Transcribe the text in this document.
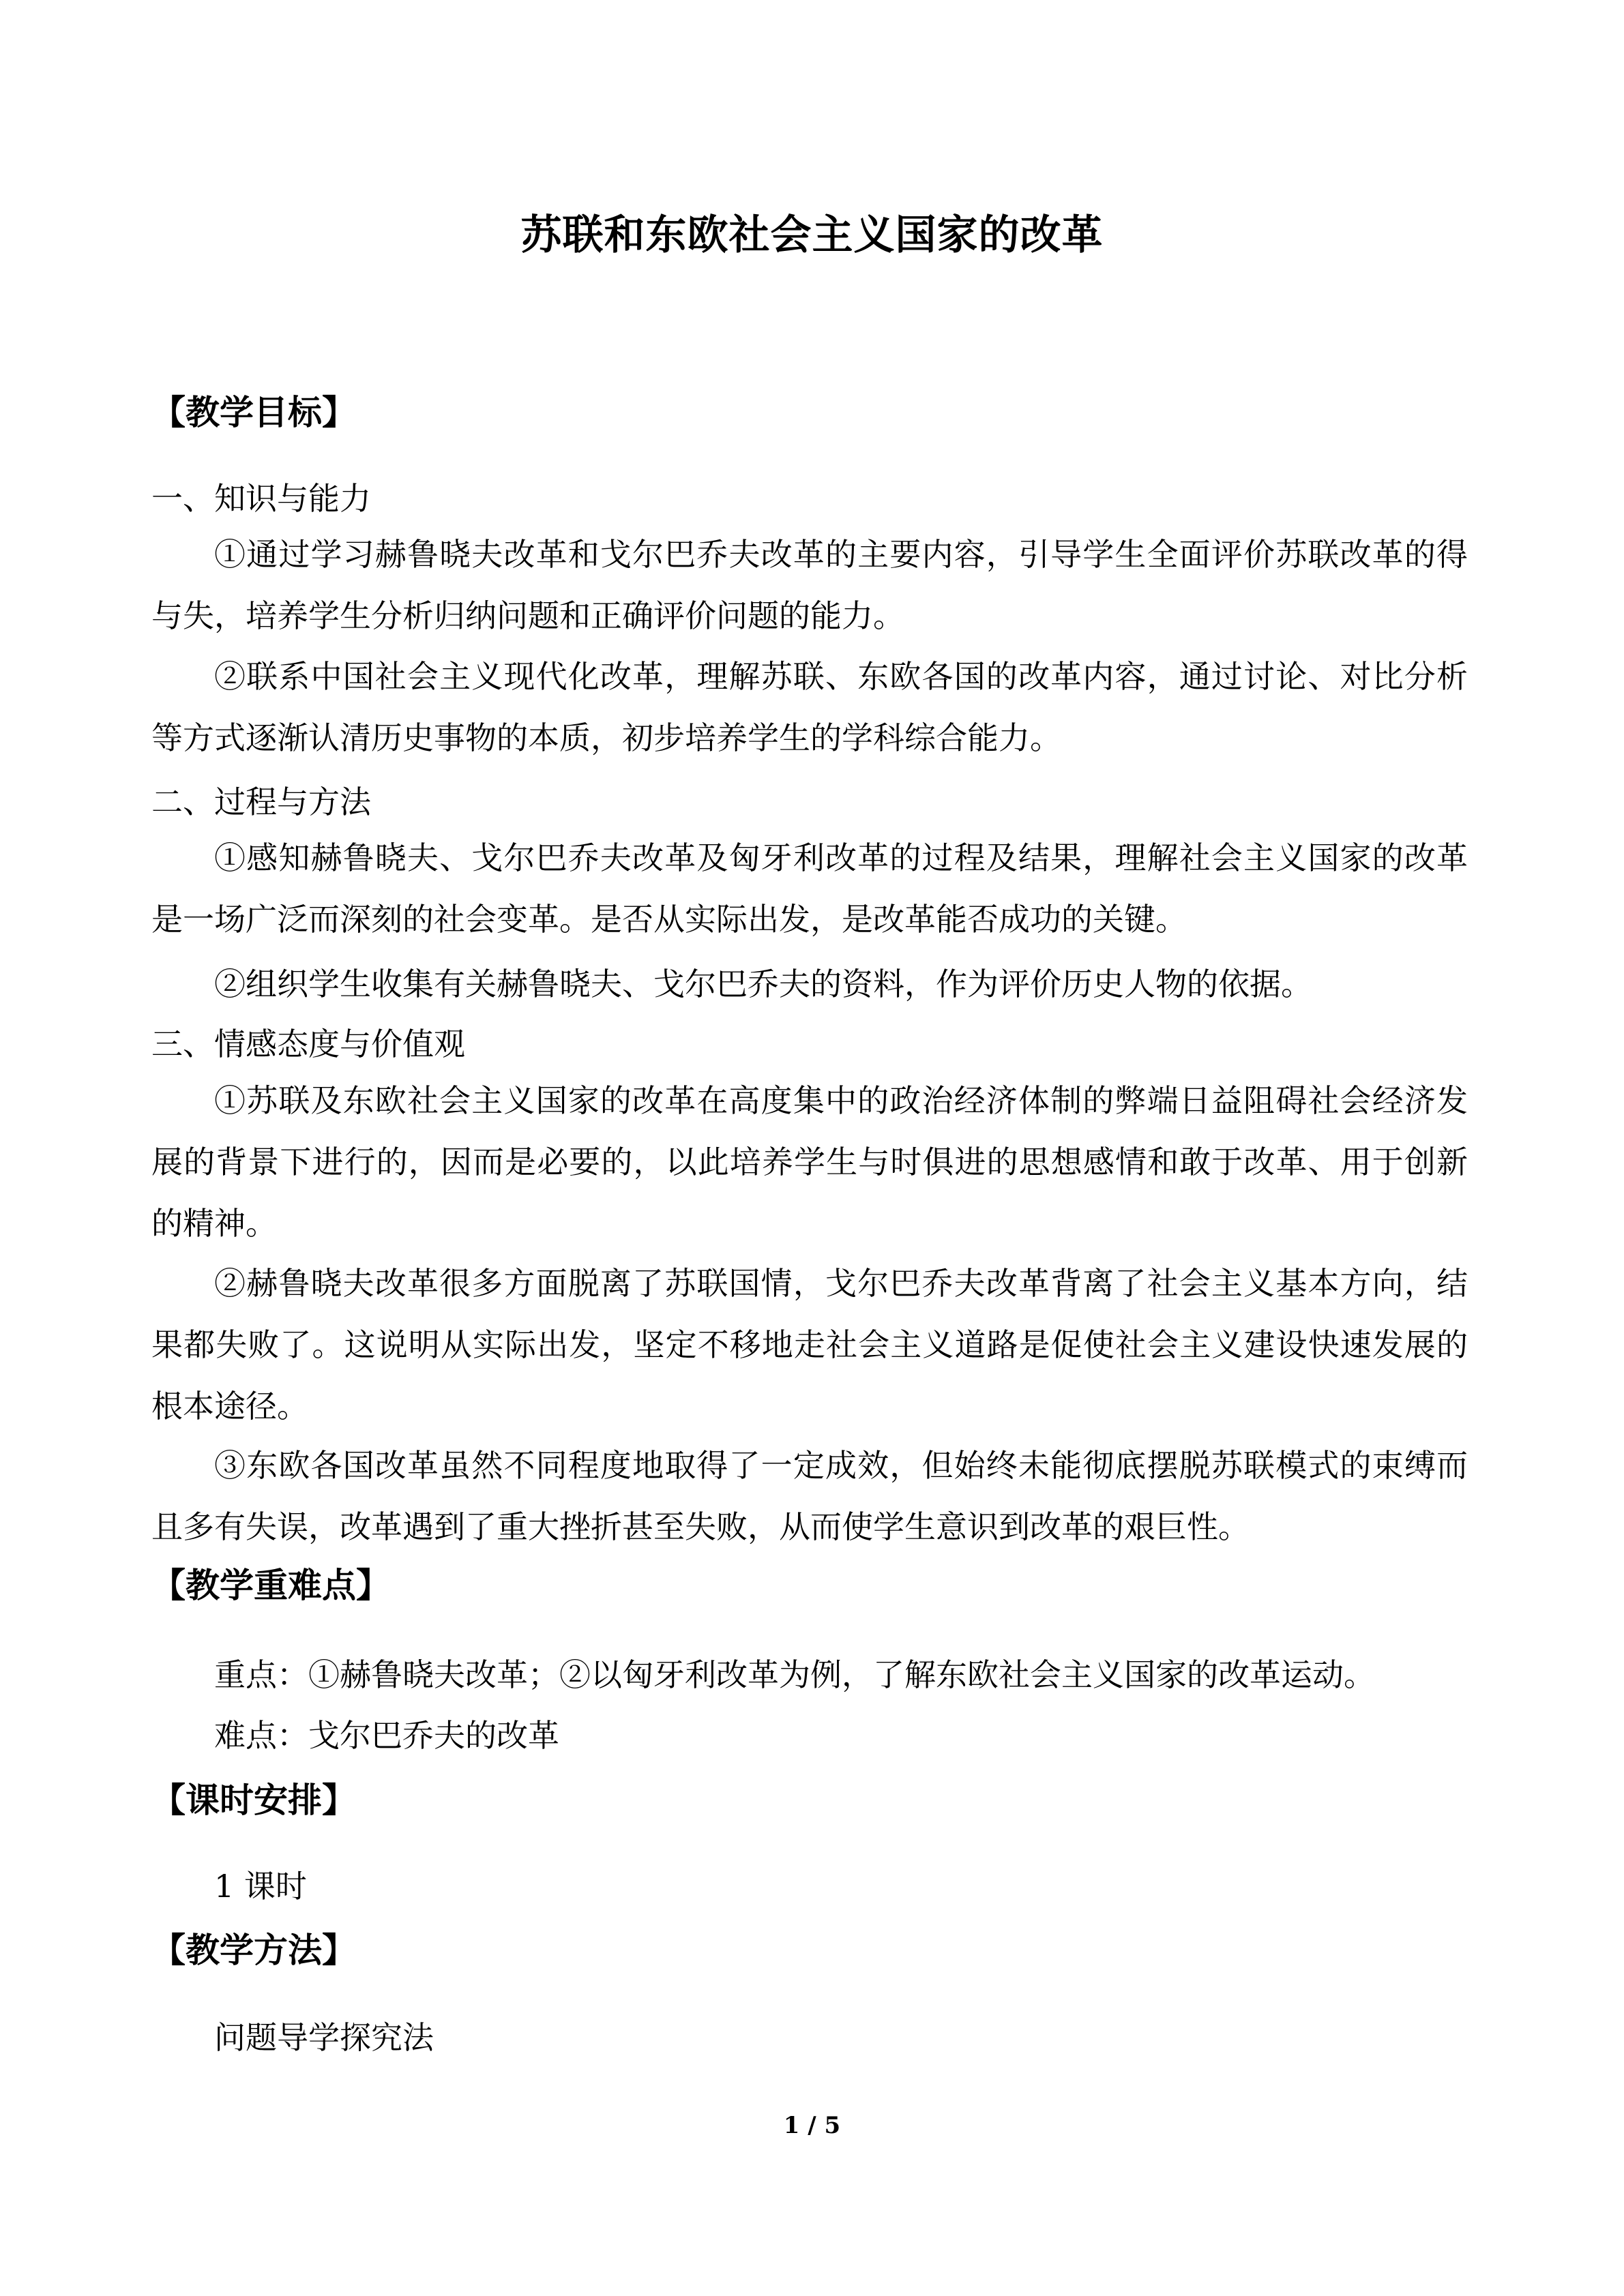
苏联和东欧社会主义国家的改革
【教学目标】
一、知识与能力
①通过学习赫鲁晓夫改革和戈尔巴乔夫改革的主要内容，引导学生全面评价苏联改革的得与失，培养学生分析归纳问题和正确评价问题的能力。
②联系中国社会主义现代化改革，理解苏联、东欧各国的改革内容，通过讨论、对比分析等方式逐渐认清历史事物的本质，初步培养学生的学科综合能力。
二、过程与方法
①感知赫鲁晓夫、戈尔巴乔夫改革及匈牙利改革的过程及结果，理解社会主义国家的改革是一场广泛而深刻的社会变革。是否从实际出发，是改革能否成功的关键。
②组织学生收集有关赫鲁晓夫、戈尔巴乔夫的资料，作为评价历史人物的依据。
三、情感态度与价值观
①苏联及东欧社会主义国家的改革在高度集中的政治经济体制的弊端日益阻碍社会经济发展的背景下进行的，因而是必要的，以此培养学生与时俱进的思想感情和敢于改革、用于创新的精神。
②赫鲁晓夫改革很多方面脱离了苏联国情，戈尔巴乔夫改革背离了社会主义基本方向，结果都失败了。这说明从实际出发，坚定不移地走社会主义道路是促使社会主义建设快速发展的根本途径。
③东欧各国改革虽然不同程度地取得了一定成效，但始终未能彻底摆脱苏联模式的束缚而且多有失误，改革遇到了重大挫折甚至失败，从而使学生意识到改革的艰巨性。
【教学重难点】
重点：①赫鲁晓夫改革；②以匈牙利改革为例，了解东欧社会主义国家的改革运动。
难点：戈尔巴乔夫的改革
【课时安排】
1 课时
【教学方法】
问题导学探究法
1 / 5
